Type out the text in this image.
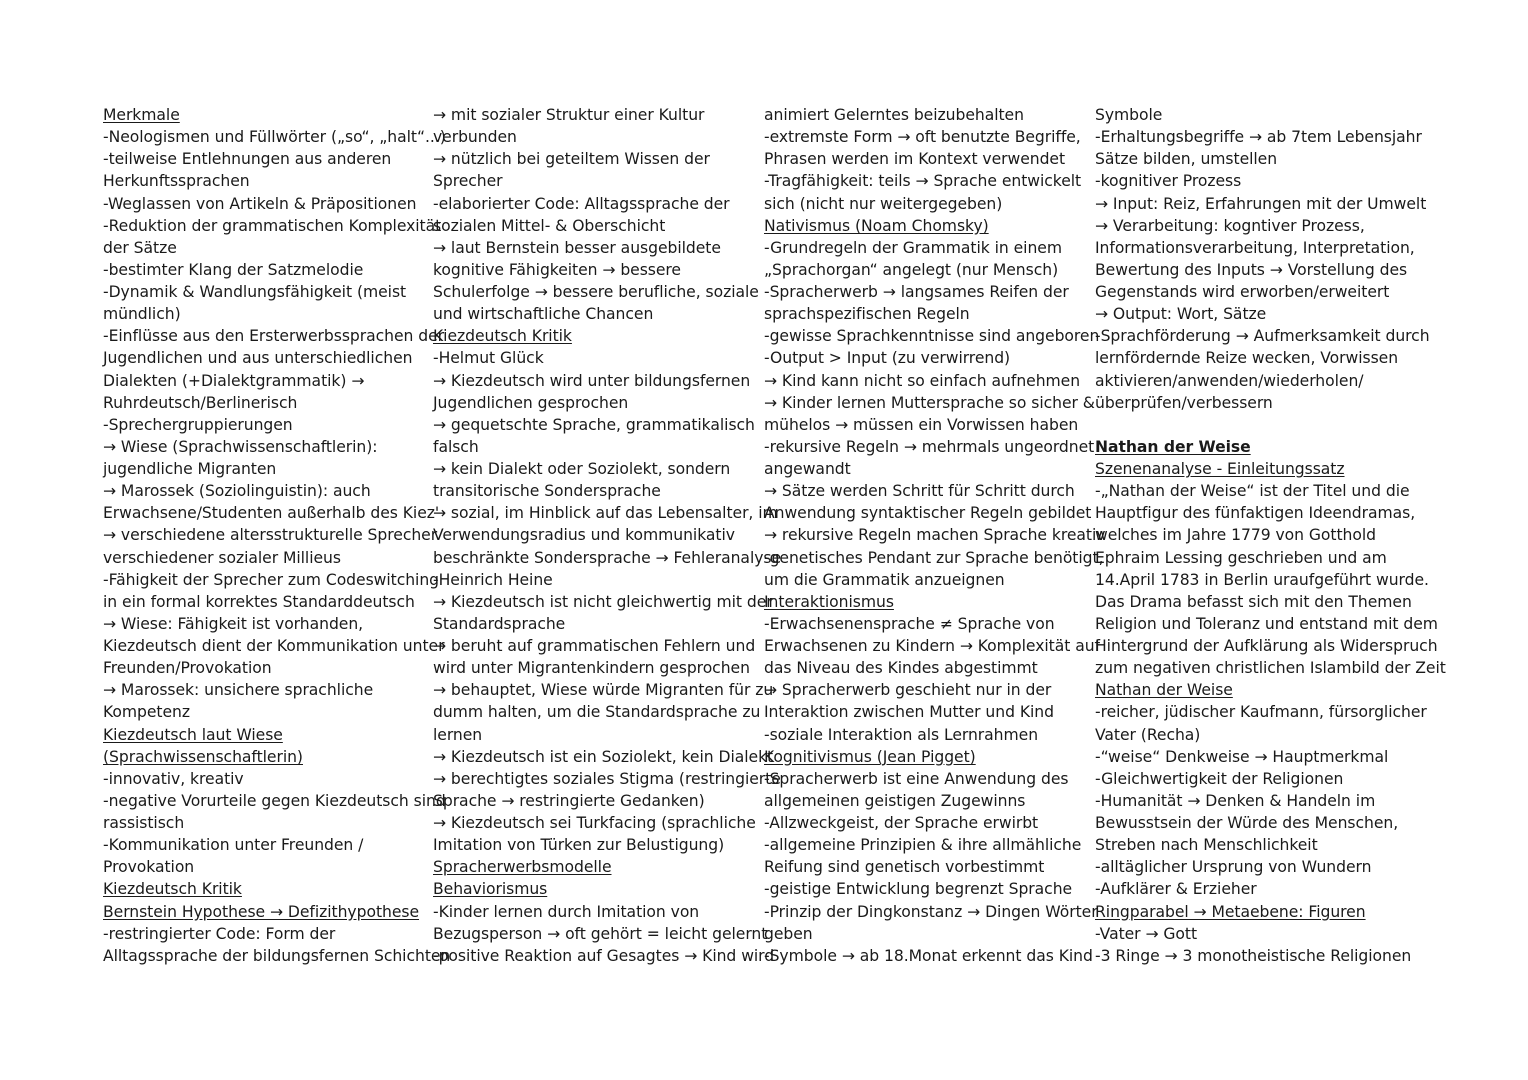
Merkmale
-Neologismen und Füllwörter („so“, „halt“...)
-teilweise Entlehnungen aus anderen
Herkunftssprachen
-Weglassen von Artikeln & Präpositionen
-Reduktion der grammatischen Komplexität
der Sätze
-bestimter Klang der Satzmelodie
-Dynamik & Wandlungsfähigkeit (meist
mündlich)
-Einflüsse aus den Ersterwerbssprachen der
Jugendlichen und aus unterschiedlichen
Dialekten (+Dialektgrammatik) →
Ruhrdeutsch/Berlinerisch
-Sprechergruppierungen
→ Wiese (Sprachwissenschaftlerin):
jugendliche Migranten
→ Marossek (Soziolinguistin): auch
Erwachsene/Studenten außerhalb des Kiez'
→ verschiedene altersstrukturelle Sprecher
verschiedener sozialer Millieus
-Fähigkeit der Sprecher zum Codeswitching
in ein formal korrektes Standarddeutsch
→ Wiese: Fähigkeit ist vorhanden,
Kiezdeutsch dient der Kommunikation unter
Freunden/Provokation
→ Marossek: unsichere sprachliche
Kompetenz
Kiezdeutsch laut Wiese
(Sprachwissenschaftlerin)
-innovativ, kreativ
-negative Vorurteile gegen Kiezdeutsch sind
rassistisch
-Kommunikation unter Freunden /
Provokation
Kiezdeutsch Kritik
Bernstein Hypothese → Defizithypothese
-restringierter Code: Form der
Alltagssprache der bildungsfernen Schichten
→ mit sozialer Struktur einer Kultur
verbunden
→ nützlich bei geteiltem Wissen der
Sprecher
-elaborierter Code: Alltagssprache der
sozialen Mittel- & Oberschicht
→ laut Bernstein besser ausgebildete
kognitive Fähigkeiten → bessere
Schulerfolge → bessere berufliche, soziale
und wirtschaftliche Chancen
Kiezdeutsch Kritik
-Helmut Glück
→ Kiezdeutsch wird unter bildungsfernen
Jugendlichen gesprochen
→ gequetschte Sprache, grammatikalisch
falsch
→ kein Dialekt oder Soziolekt, sondern
transitorische Sondersprache
→ sozial, im Hinblick auf das Lebensalter, im
Verwendungsradius und kommunikativ
beschränkte Sondersprache → Fehleranalyse
-Heinrich Heine
→ Kiezdeutsch ist nicht gleichwertig mit der
Standardsprache
→ beruht auf grammatischen Fehlern und
wird unter Migrantenkindern gesprochen
→ behauptet, Wiese würde Migranten für zu
dumm halten, um die Standardsprache zu
lernen
→ Kiezdeutsch ist ein Soziolekt, kein Dialekt
→ berechtigtes soziales Stigma (restringierte
Sprache → restringierte Gedanken)
→ Kiezdeutsch sei Turkfacing (sprachliche
Imitation von Türken zur Belustigung)
Spracherwerbsmodelle
Behaviorismus
-Kinder lernen durch Imitation von
Bezugsperson → oft gehört = leicht gelernt
-positive Reaktion auf Gesagtes → Kind wird
animiert Gelerntes beizubehalten
-extremste Form → oft benutzte Begriffe,
Phrasen werden im Kontext verwendet
-Tragfähigkeit: teils → Sprache entwickelt
sich (nicht nur weitergegeben)
Nativismus (Noam Chomsky)
-Grundregeln der Grammatik in einem
„Sprachorgan“ angelegt (nur Mensch)
-Spracherwerb → langsames Reifen der
sprachspezifischen Regeln
-gewisse Sprachkenntnisse sind angeboren
-Output > Input (zu verwirrend)
→ Kind kann nicht so einfach aufnehmen
→ Kinder lernen Muttersprache so sicher &
mühelos → müssen ein Vorwissen haben
-rekursive Regeln → mehrmals ungeordnet
angewandt
→ Sätze werden Schritt für Schritt durch
Anwendung syntaktischer Regeln gebildet
→ rekursive Regeln machen Sprache kreativ
-genetisches Pendant zur Sprache benötigt,
um die Grammatik anzueignen
Interaktionismus
-Erwachsenensprache ≠ Sprache von
Erwachsenen zu Kindern → Komplexität auf
das Niveau des Kindes abgestimmt
→ Spracherwerb geschieht nur in der
Interaktion zwischen Mutter und Kind
-soziale Interaktion als Lernrahmen
Kognitivismus (Jean Pigget)
-Spracherwerb ist eine Anwendung des
allgemeinen geistigen Zugewinns
-Allzweckgeist, der Sprache erwirbt
-allgemeine Prinzipien & ihre allmähliche
Reifung sind genetisch vorbestimmt
-geistige Entwicklung begrenzt Sprache
-Prinzip der Dingkonstanz → Dingen Wörter
geben
-Symbole → ab 18.Monat erkennt das Kind
Symbole
-Erhaltungsbegriffe → ab 7tem Lebensjahr
Sätze bilden, umstellen
-kognitiver Prozess
→ Input: Reiz, Erfahrungen mit der Umwelt
→ Verarbeitung: kogntiver Prozess,
Informationsverarbeitung, Interpretation,
Bewertung des Inputs → Vorstellung des
Gegenstands wird erworben/erweitert
→ Output: Wort, Sätze
-Sprachförderung → Aufmerksamkeit durch
lernfördernde Reize wecken, Vorwissen
aktivieren/anwenden/wiederholen/
überprüfen/verbessern
Nathan der Weise
Szenenanalyse - Einleitungssatz
-„Nathan der Weise“ ist der Titel und die
Hauptfigur des fünfaktigen Ideendramas,
welches im Jahre 1779 von Gotthold
Ephraim Lessing geschrieben und am
14.April 1783 in Berlin uraufgeführt wurde.
Das Drama befasst sich mit den Themen
Religion und Toleranz und entstand mit dem
Hintergrund der Aufklärung als Widerspruch
zum negativen christlichen Islambild der Zeit
Nathan der Weise
-reicher, jüdischer Kaufmann, fürsorglicher
Vater (Recha)
-“weise“ Denkweise → Hauptmerkmal
-Gleichwertigkeit der Religionen
-Humanität → Denken & Handeln im
Bewusstsein der Würde des Menschen,
Streben nach Menschlichkeit
-alltäglicher Ursprung von Wundern
-Aufklärer & Erzieher
Ringparabel → Metaebene: Figuren
-Vater → Gott
-3 Ringe → 3 monotheistische Religionen
